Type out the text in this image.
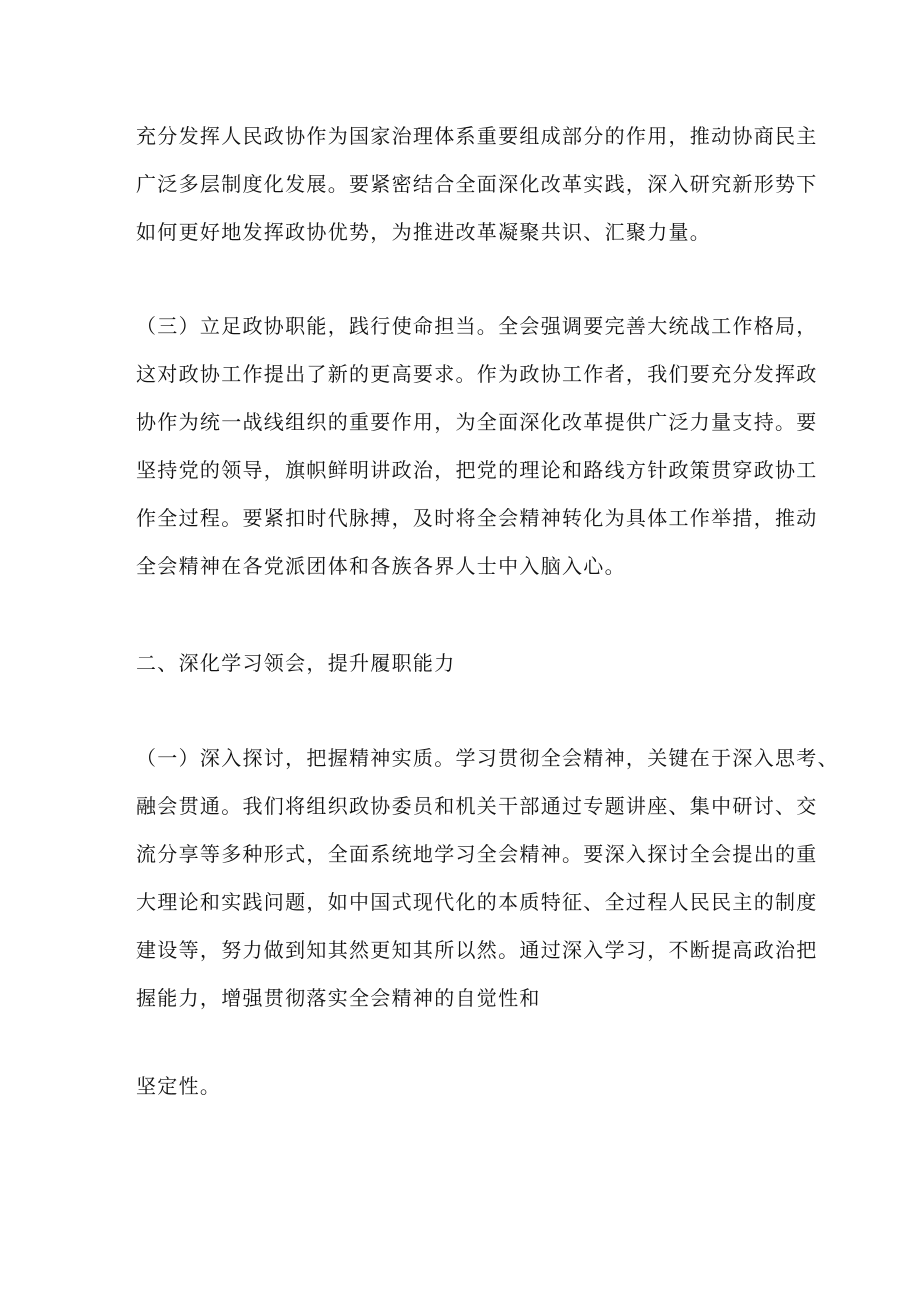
充分发挥人民政协作为国家治理体系重要组成部分的作用，推动协商民主
广泛多层制度化发展。要紧密结合全面深化改革实践，深入研究新形势下
如何更好地发挥政协优势，为推进改革凝聚共识、汇聚力量。
（三）立足政协职能，践行使命担当。全会强调要完善大统战工作格局，
这对政协工作提出了新的更高要求。作为政协工作者，我们要充分发挥政
协作为统一战线组织的重要作用，为全面深化改革提供广泛力量支持。要
坚持党的领导，旗帜鲜明讲政治，把党的理论和路线方针政策贯穿政协工
作全过程。要紧扣时代脉搏，及时将全会精神转化为具体工作举措，推动
全会精神在各党派团体和各族各界人士中入脑入心。
二、深化学习领会，提升履职能力
（一）深入探讨，把握精神实质。学习贯彻全会精神，关键在于深入思考、
融会贯通。我们将组织政协委员和机关干部通过专题讲座、集中研讨、交
流分享等多种形式，全面系统地学习全会精神。要深入探讨全会提出的重
大理论和实践问题，如中国式现代化的本质特征、全过程人民民主的制度
建设等，努力做到知其然更知其所以然。通过深入学习，不断提高政治把
握能力，增强贯彻落实全会精神的自觉性和
坚定性。
